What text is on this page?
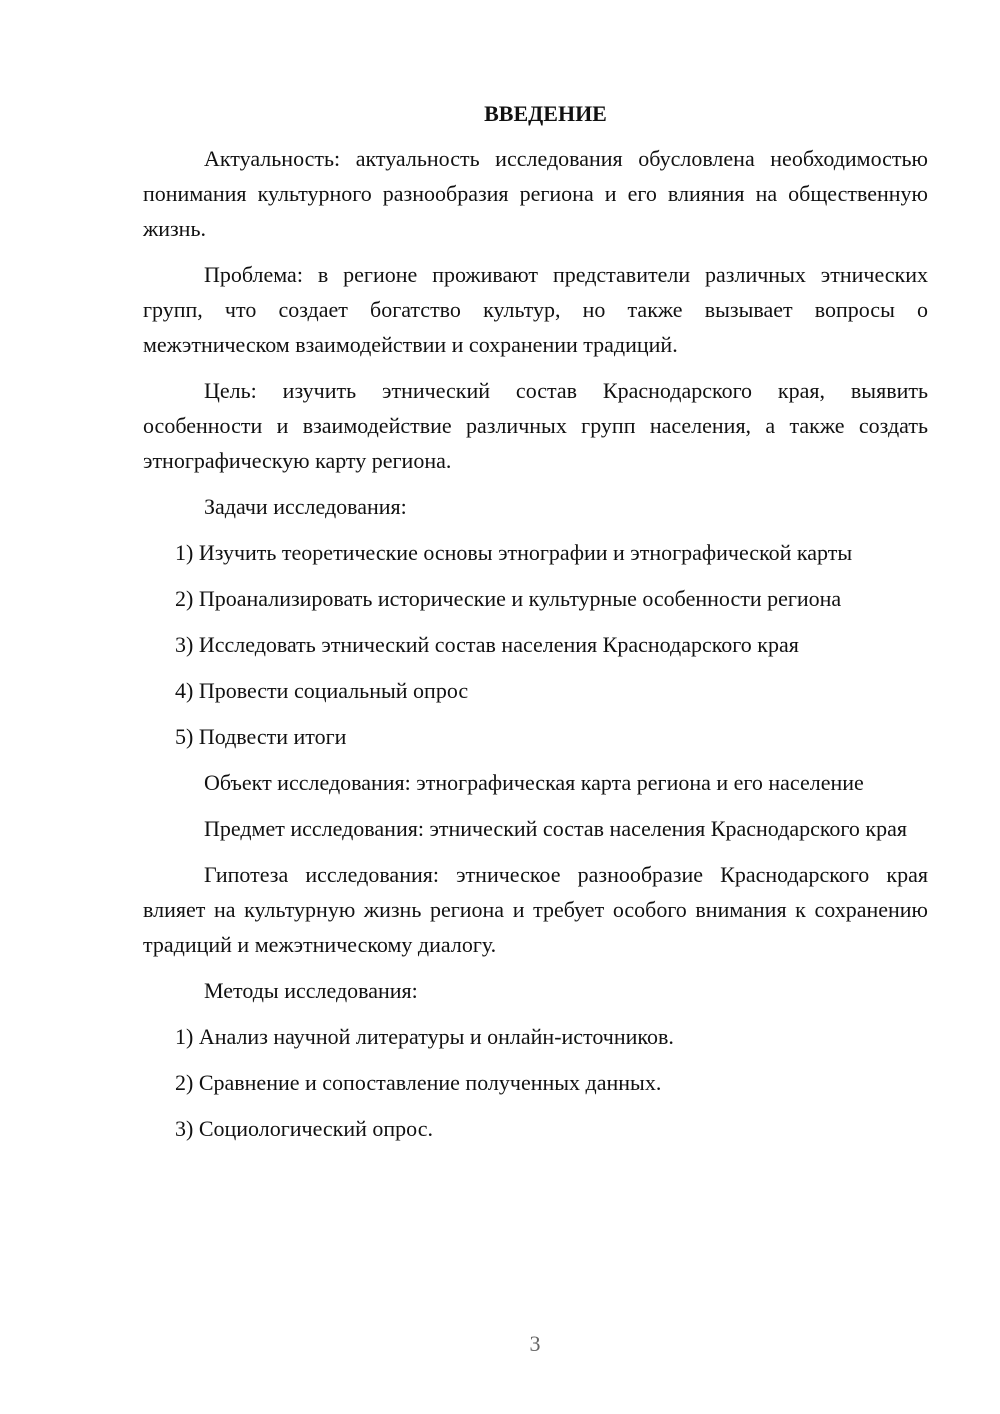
ВВЕДЕНИЕ

Актуальность: актуальность исследования обусловлена необходимостью понимания культурного разнообразия региона и его влияния на общественную жизнь.

Проблема: в регионе проживают представители различных этнических групп, что создает богатство культур, но также вызывает вопросы о межэтническом взаимодействии и сохранении традиций.

Цель: изучить этнический состав Краснодарского края, выявить особенности и взаимодействие различных групп населения, а также создать этнографическую карту региона.

Задачи исследования:

1) Изучить теоретические основы этнографии и этнографической карты

2) Проанализировать исторические и культурные особенности региона

3) Исследовать этнический состав населения Краснодарского края

4) Провести социальный опрос

5) Подвести итоги

Объект исследования: этнографическая карта региона и его население

Предмет исследования: этнический состав населения Краснодарского края

Гипотеза исследования: этническое разнообразие Краснодарского края влияет на культурную жизнь региона и требует особого внимания к сохранению традиций и межэтническому диалогу.

Методы исследования:

1) Анализ научной литературы и онлайн-источников.

2) Сравнение и сопоставление полученных данных.

3) Социологический опрос.

3
